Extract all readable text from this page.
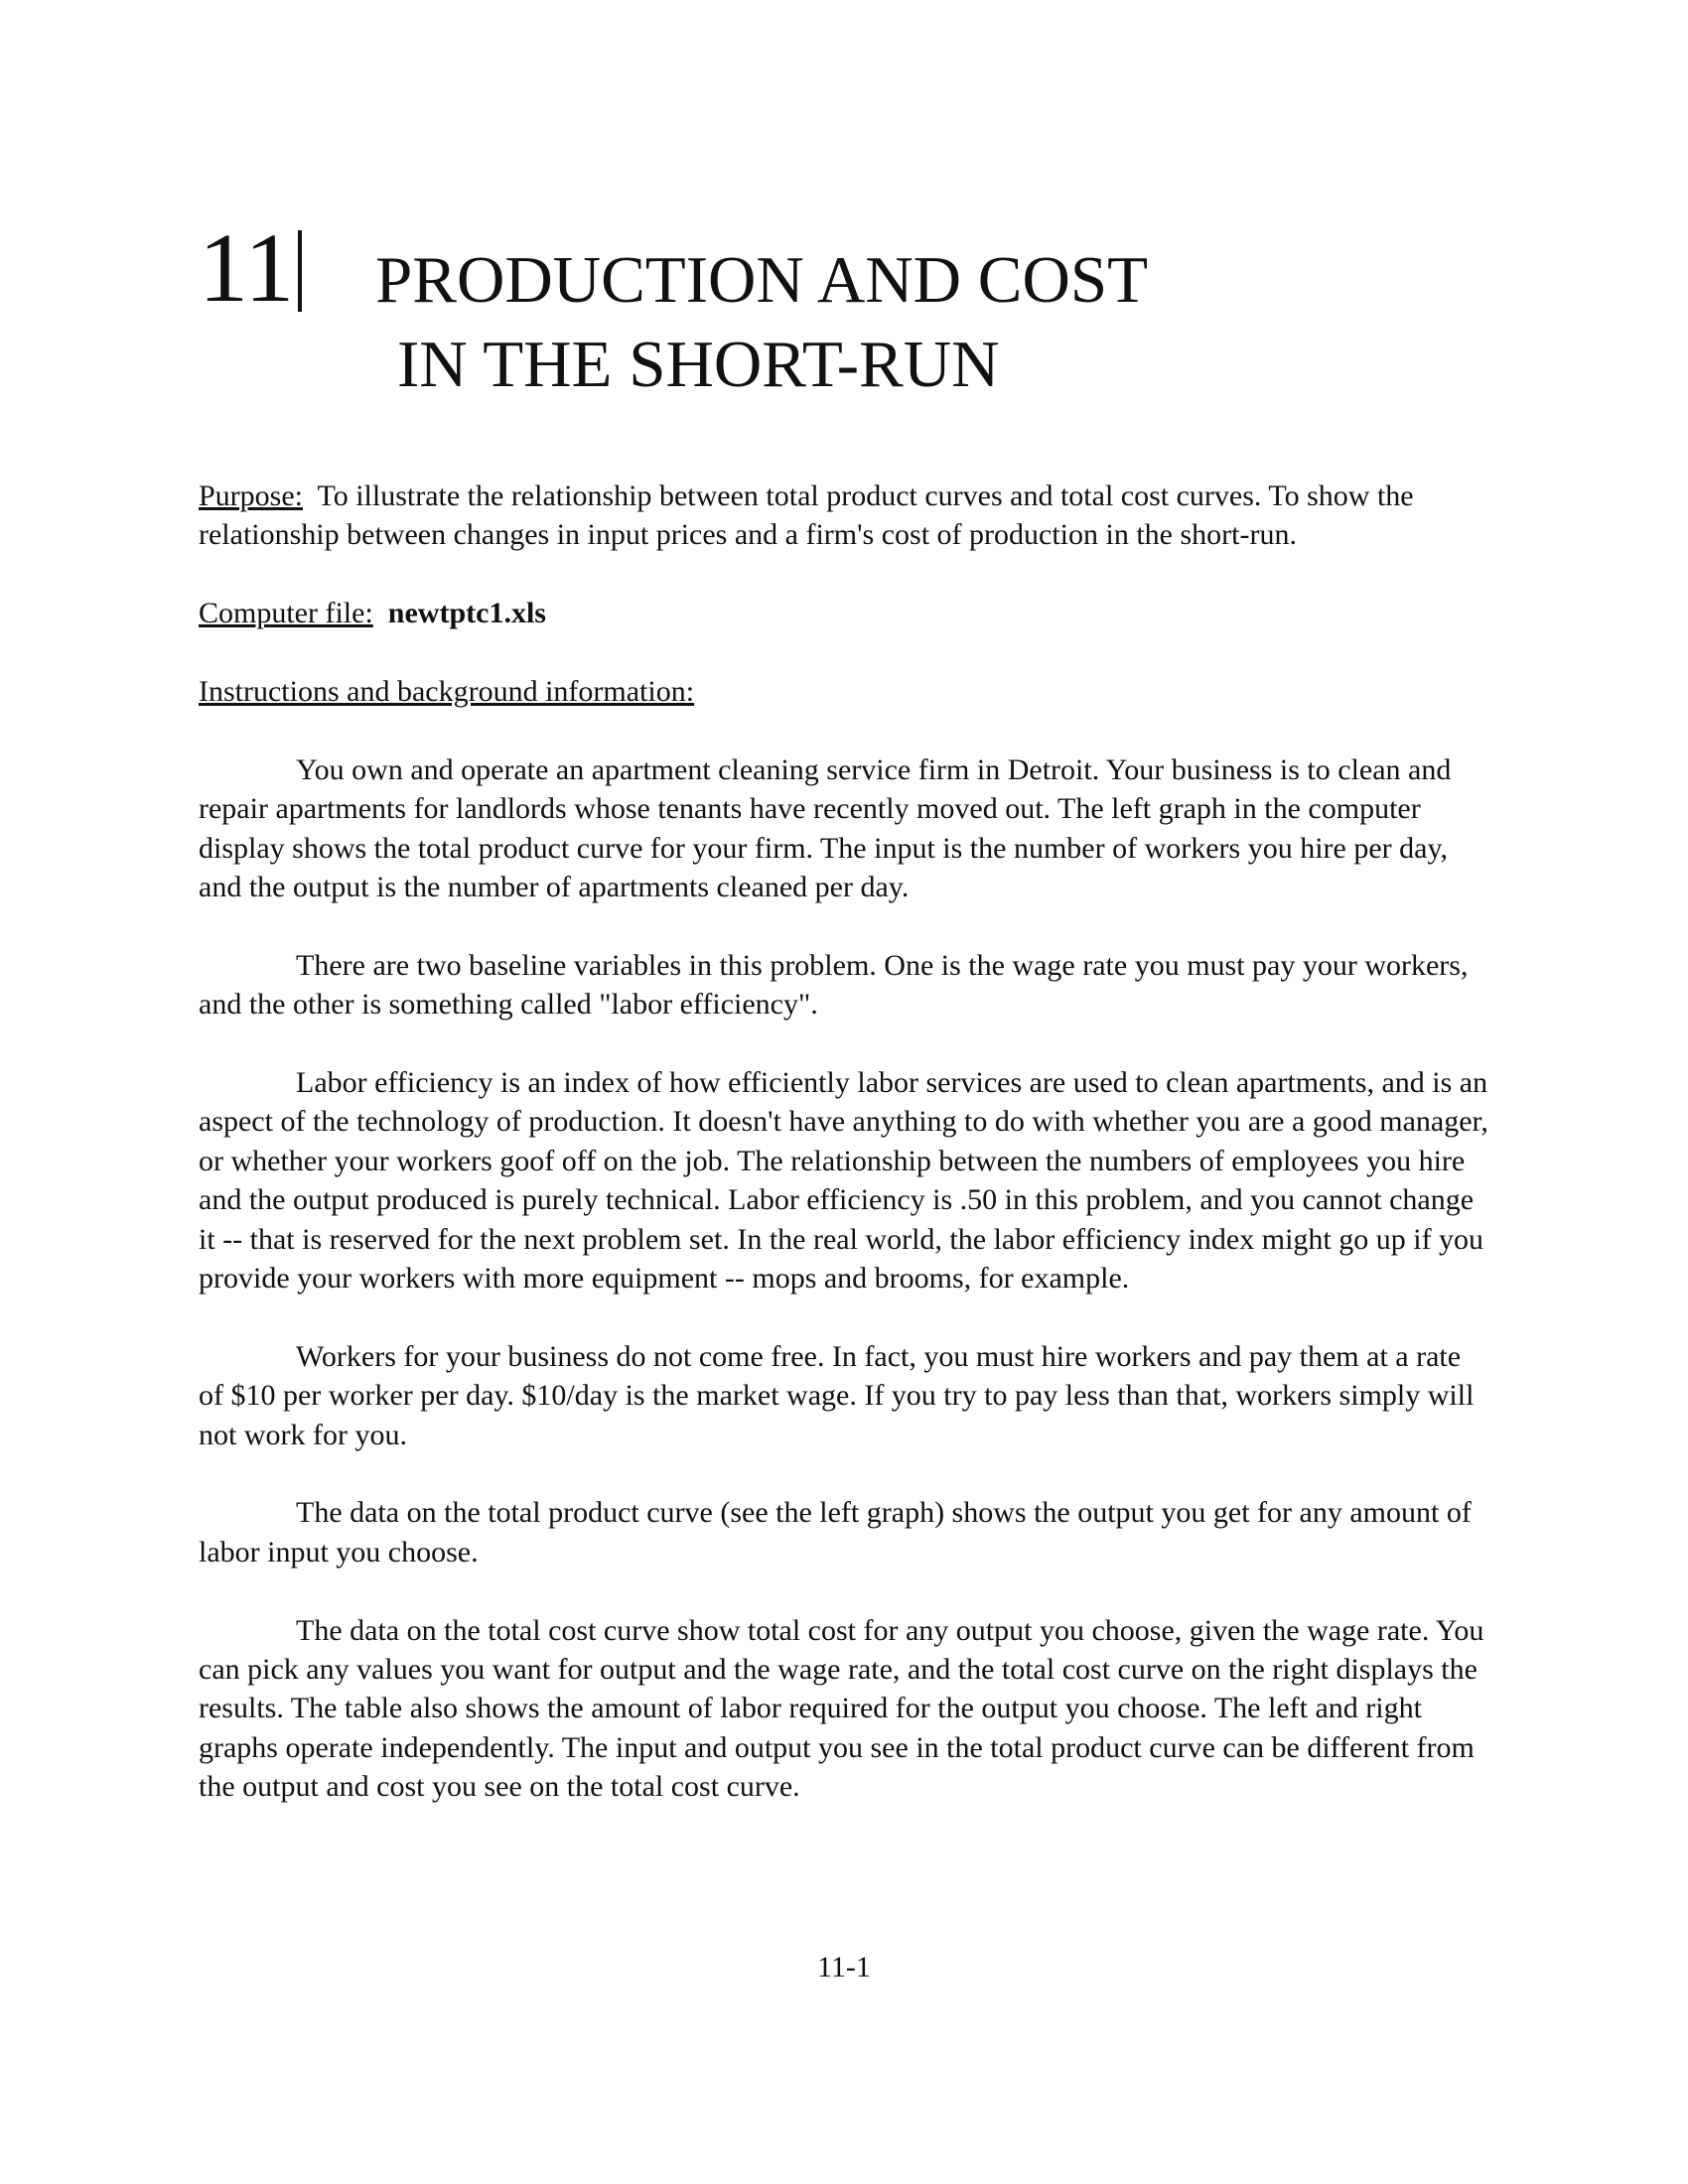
11 PRODUCTION AND COST
IN THE SHORT-RUN

Purpose: To illustrate the relationship between total product curves and total cost curves. To show the relationship between changes in input prices and a firm's cost of production in the short-run.

Computer file: newtptc1.xls

Instructions and background information:

You own and operate an apartment cleaning service firm in Detroit. Your business is to clean and repair apartments for landlords whose tenants have recently moved out. The left graph in the computer display shows the total product curve for your firm. The input is the number of workers you hire per day, and the output is the number of apartments cleaned per day.

There are two baseline variables in this problem. One is the wage rate you must pay your workers, and the other is something called "labor efficiency".

Labor efficiency is an index of how efficiently labor services are used to clean apartments, and is an aspect of the technology of production. It doesn't have anything to do with whether you are a good manager, or whether your workers goof off on the job. The relationship between the numbers of employees you hire and the output produced is purely technical. Labor efficiency is .50 in this problem, and you cannot change it -- that is reserved for the next problem set. In the real world, the labor efficiency index might go up if you provide your workers with more equipment -- mops and brooms, for example.

Workers for your business do not come free. In fact, you must hire workers and pay them at a rate of $10 per worker per day. $10/day is the market wage. If you try to pay less than that, workers simply will not work for you.

The data on the total product curve (see the left graph) shows the output you get for any amount of labor input you choose.

The data on the total cost curve show total cost for any output you choose, given the wage rate. You can pick any values you want for output and the wage rate, and the total cost curve on the right displays the results. The table also shows the amount of labor required for the output you choose. The left and right graphs operate independently. The input and output you see in the total product curve can be different from the output and cost you see on the total cost curve.

11-1
